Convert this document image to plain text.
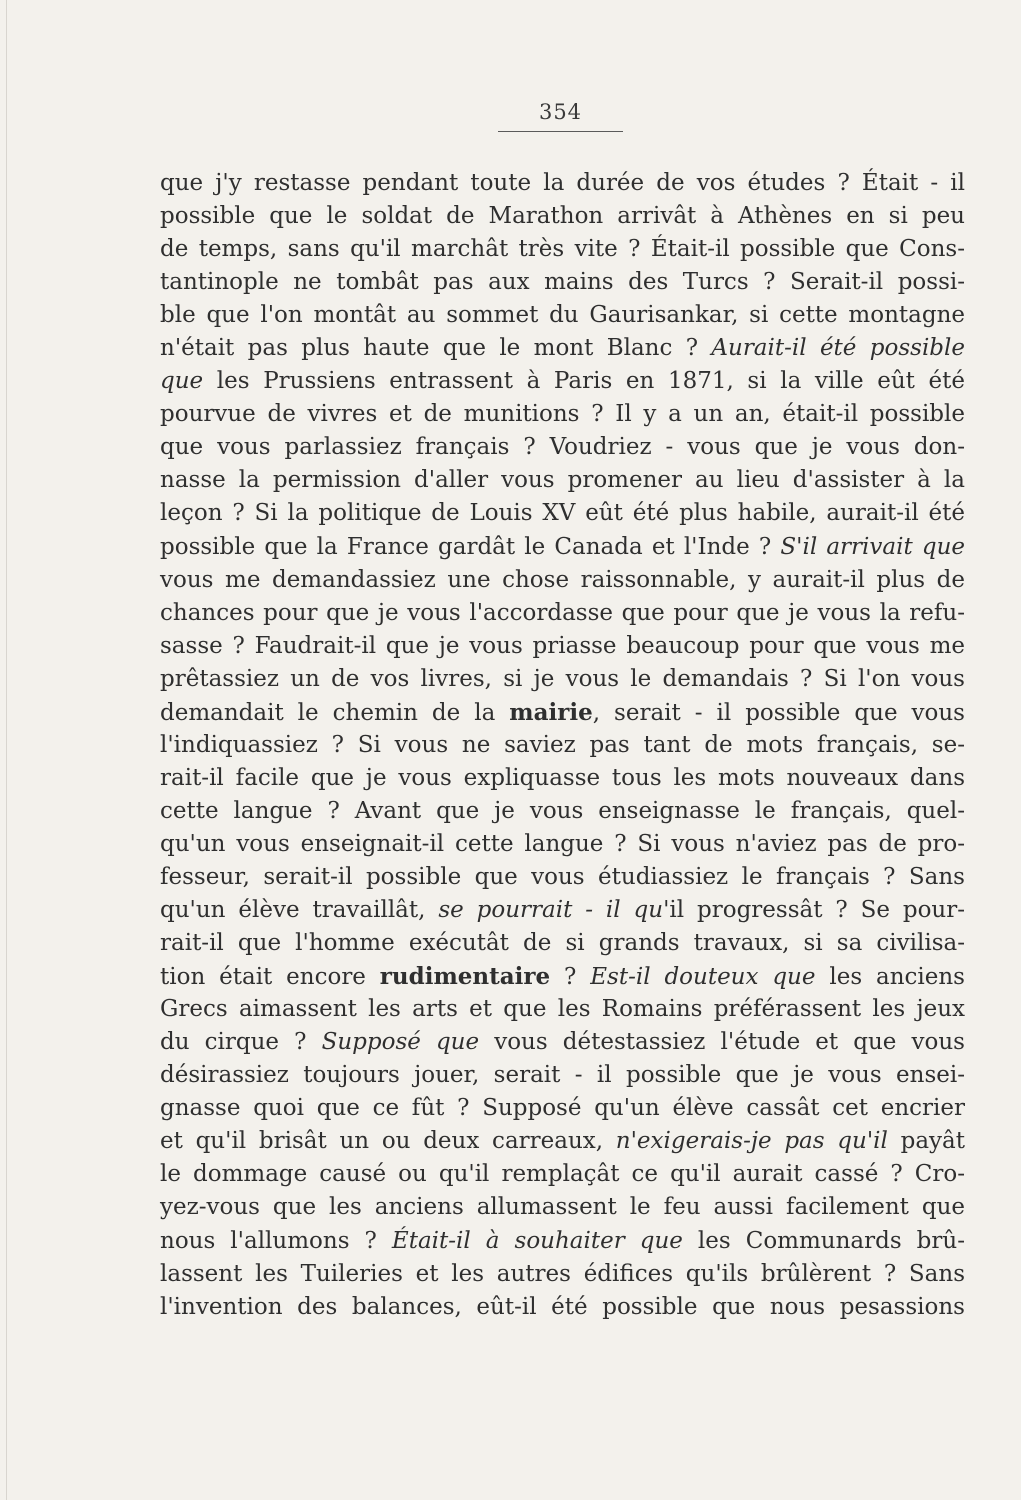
354
que j'y restasse pendant toute la durée de vos études ? Était - il
possible que le soldat de Marathon arrivât à Athènes en si peu
de temps, sans qu'il marchât très vite ? Était-il possible que Cons-
tantinople ne tombât pas aux mains des Turcs ? Serait-il possi-
ble que l'on montât au sommet du Gaurisankar, si cette montagne
n'était pas plus haute que le mont Blanc ? Aurait-il été possible
que les Prussiens entrassent à Paris en 1871, si la ville eût été
pourvue de vivres et de munitions ? Il y a un an, était-il possible
que vous parlassiez français ? Voudriez - vous que je vous don-
nasse la permission d'aller vous promener au lieu d'assister à la
leçon ? Si la politique de Louis XV eût été plus habile, aurait-il été
possible que la France gardât le Canada et l'Inde ? S'il arrivait que
vous me demandassiez une chose raissonnable, y aurait-il plus de
chances pour que je vous l'accordasse que pour que je vous la refu-
sasse ? Faudrait-il que je vous priasse beaucoup pour que vous me
prêtassiez un de vos livres, si je vous le demandais ? Si l'on vous
demandait le chemin de la mairie, serait - il possible que vous
l'indiquassiez ? Si vous ne saviez pas tant de mots français, se-
rait-il facile que je vous expliquasse tous les mots nouveaux dans
cette langue ? Avant que je vous enseignasse le français, quel-
qu'un vous enseignait-il cette langue ? Si vous n'aviez pas de pro-
fesseur, serait-il possible que vous étudiassiez le français ? Sans
qu'un élève travaillât, se pourrait - il qu'il progressât ? Se pour-
rait-il que l'homme exécutât de si grands travaux, si sa civilisa-
tion était encore rudimentaire ? Est-il douteux que les anciens
Grecs aimassent les arts et que les Romains préférassent les jeux
du cirque ? Supposé que vous détestassiez l'étude et que vous
désirassiez toujours jouer, serait - il possible que je vous ensei-
gnasse quoi que ce fût ? Supposé qu'un élève cassât cet encrier
et qu'il brisât un ou deux carreaux, n'exigerais-je pas qu'il payât
le dommage causé ou qu'il remplaçât ce qu'il aurait cassé ? Cro-
yez-vous que les anciens allumassent le feu aussi facilement que
nous l'allumons ? Était-il à souhaiter que les Communards brû-
lassent les Tuileries et les autres édifices qu'ils brûlèrent ? Sans
l'invention des balances, eût-il été possible que nous pesassions
